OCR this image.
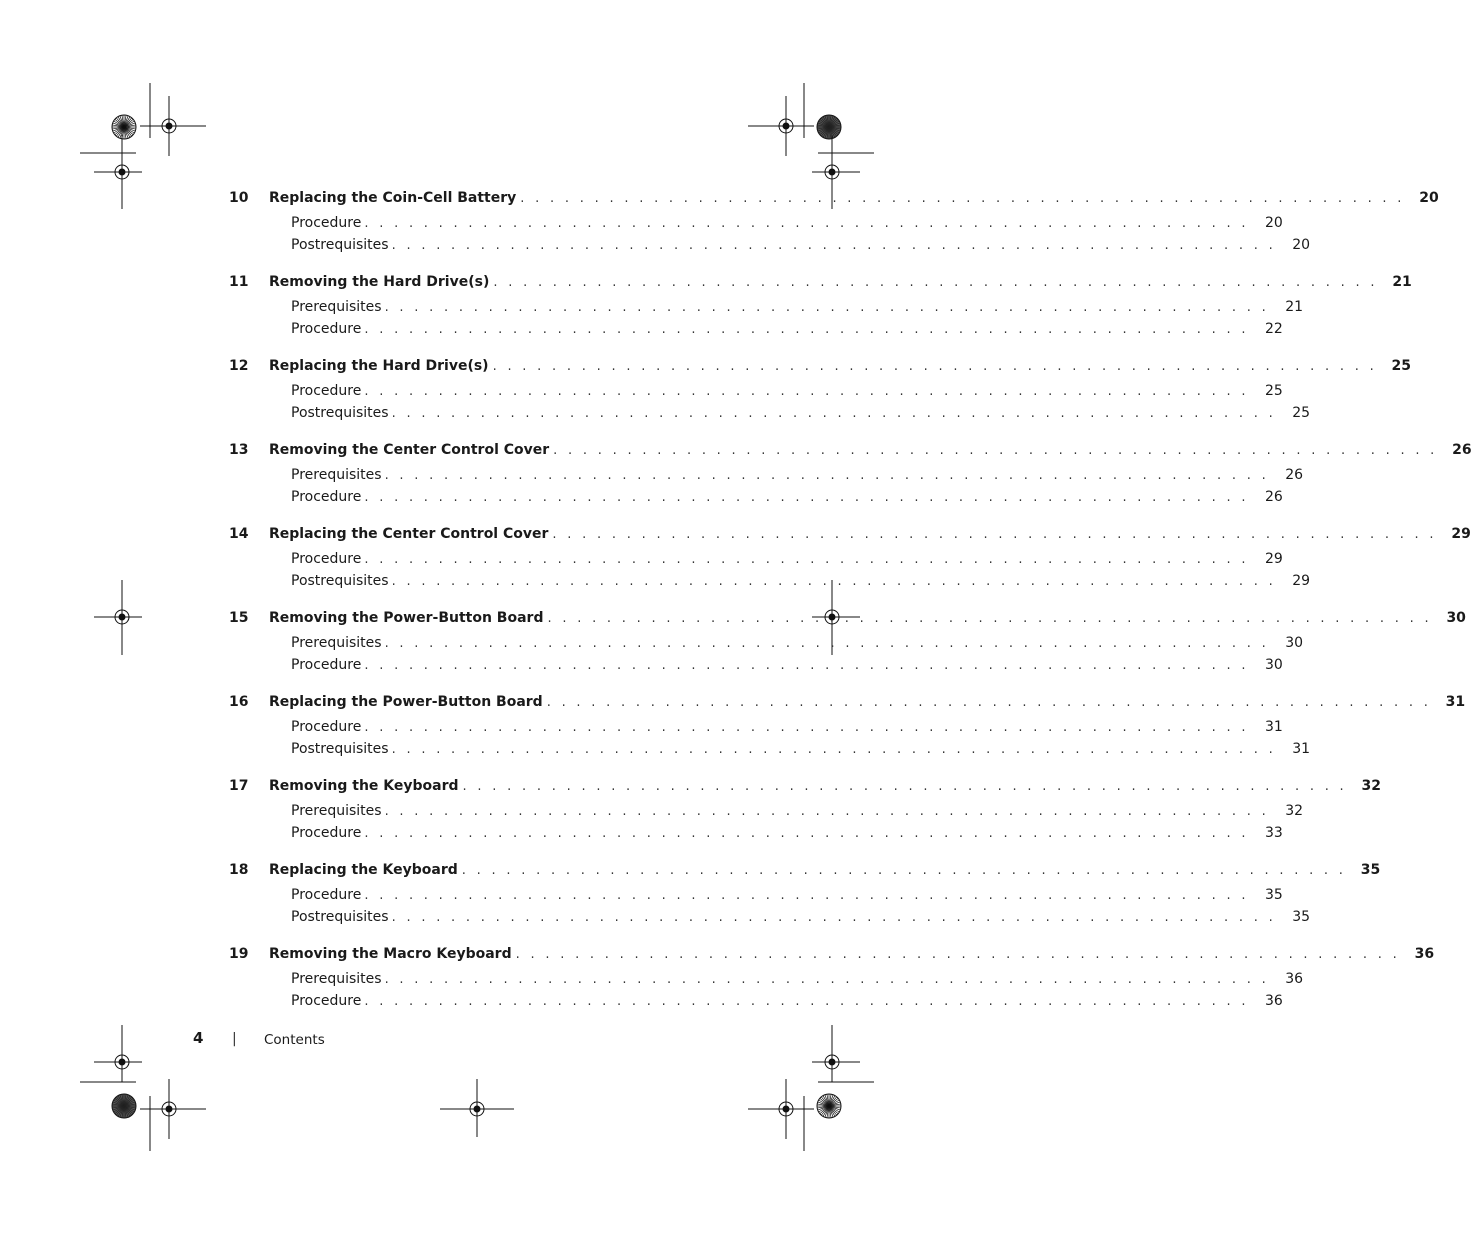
10	Replacing the Coin-Cell Battery . . . . . . . . . . . . . . . . . . . . . . . . . . . . . . . . . . . . . . . . . . . . . . . . . . . . . . . . . . . .	20
Procedure . . . . . . . . . . . . . . . . . . . . . . . . . . . . . . . . . . . . . . . . . . . . . . . . . . . . . . . . . . . .	20
Postrequisites . . . . . . . . . . . . . . . . . . . . . . . . . . . . . . . . . . . . . . . . . . . . . . . . . . . . . . . . . . . .	20
11	Removing the Hard Drive(s) . . . . . . . . . . . . . . . . . . . . . . . . . . . . . . . . . . . . . . . . . . . . . . . . . . . . . . . . . . . .	21
Prerequisites . . . . . . . . . . . . . . . . . . . . . . . . . . . . . . . . . . . . . . . . . . . . . . . . . . . . . . . . . . . .	21
Procedure . . . . . . . . . . . . . . . . . . . . . . . . . . . . . . . . . . . . . . . . . . . . . . . . . . . . . . . . . . . .	22
12	Replacing the Hard Drive(s) . . . . . . . . . . . . . . . . . . . . . . . . . . . . . . . . . . . . . . . . . . . . . . . . . . . . . . . . . . . .	25
Procedure . . . . . . . . . . . . . . . . . . . . . . . . . . . . . . . . . . . . . . . . . . . . . . . . . . . . . . . . . . . .	25
Postrequisites . . . . . . . . . . . . . . . . . . . . . . . . . . . . . . . . . . . . . . . . . . . . . . . . . . . . . . . . . . . .	25
13	Removing the Center Control Cover . . . . . . . . . . . . . . . . . . . . . . . . . . . . . . . . . . . . . . . . . . . . . . . . . . . . . . . . . . . .	26
Prerequisites . . . . . . . . . . . . . . . . . . . . . . . . . . . . . . . . . . . . . . . . . . . . . . . . . . . . . . . . . . . .	26
Procedure . . . . . . . . . . . . . . . . . . . . . . . . . . . . . . . . . . . . . . . . . . . . . . . . . . . . . . . . . . . .	26
14	Replacing the Center Control Cover . . . . . . . . . . . . . . . . . . . . . . . . . . . . . . . . . . . . . . . . . . . . . . . . . . . . . . . . . . . .	29
Procedure . . . . . . . . . . . . . . . . . . . . . . . . . . . . . . . . . . . . . . . . . . . . . . . . . . . . . . . . . . . .	29
Postrequisites . . . . . . . . . . . . . . . . . . . . . . . . . . . . . . . . . . . . . . . . . . . . . . . . . . . . . . . . . . . .	29
15	Removing the Power-Button Board . . . . . . . . . . . . . . . . . . . . . . . . . . . . . . . . . . . . . . . . . . . . . . . . . . . . . . . . . . . .	30
Prerequisites . . . . . . . . . . . . . . . . . . . . . . . . . . . . . . . . . . . . . . . . . . . . . . . . . . . . . . . . . . . .	30
Procedure . . . . . . . . . . . . . . . . . . . . . . . . . . . . . . . . . . . . . . . . . . . . . . . . . . . . . . . . . . . .	30
16	Replacing the Power-Button Board . . . . . . . . . . . . . . . . . . . . . . . . . . . . . . . . . . . . . . . . . . . . . . . . . . . . . . . . . . . .	31
Procedure . . . . . . . . . . . . . . . . . . . . . . . . . . . . . . . . . . . . . . . . . . . . . . . . . . . . . . . . . . . .	31
Postrequisites . . . . . . . . . . . . . . . . . . . . . . . . . . . . . . . . . . . . . . . . . . . . . . . . . . . . . . . . . . . .	31
17	Removing the Keyboard . . . . . . . . . . . . . . . . . . . . . . . . . . . . . . . . . . . . . . . . . . . . . . . . . . . . . . . . . . . .	32
Prerequisites . . . . . . . . . . . . . . . . . . . . . . . . . . . . . . . . . . . . . . . . . . . . . . . . . . . . . . . . . . . .	32
Procedure . . . . . . . . . . . . . . . . . . . . . . . . . . . . . . . . . . . . . . . . . . . . . . . . . . . . . . . . . . . .	33
18	Replacing the Keyboard . . . . . . . . . . . . . . . . . . . . . . . . . . . . . . . . . . . . . . . . . . . . . . . . . . . . . . . . . . . .	35
Procedure . . . . . . . . . . . . . . . . . . . . . . . . . . . . . . . . . . . . . . . . . . . . . . . . . . . . . . . . . . . .	35
Postrequisites . . . . . . . . . . . . . . . . . . . . . . . . . . . . . . . . . . . . . . . . . . . . . . . . . . . . . . . . . . . .	35
19	Removing the Macro Keyboard . . . . . . . . . . . . . . . . . . . . . . . . . . . . . . . . . . . . . . . . . . . . . . . . . . . . . . . . . . . .	36
Prerequisites . . . . . . . . . . . . . . . . . . . . . . . . . . . . . . . . . . . . . . . . . . . . . . . . . . . . . . . . . . . .	36
Procedure . . . . . . . . . . . . . . . . . . . . . . . . . . . . . . . . . . . . . . . . . . . . . . . . . . . . . . . . . . . .	36
4 | Contents
